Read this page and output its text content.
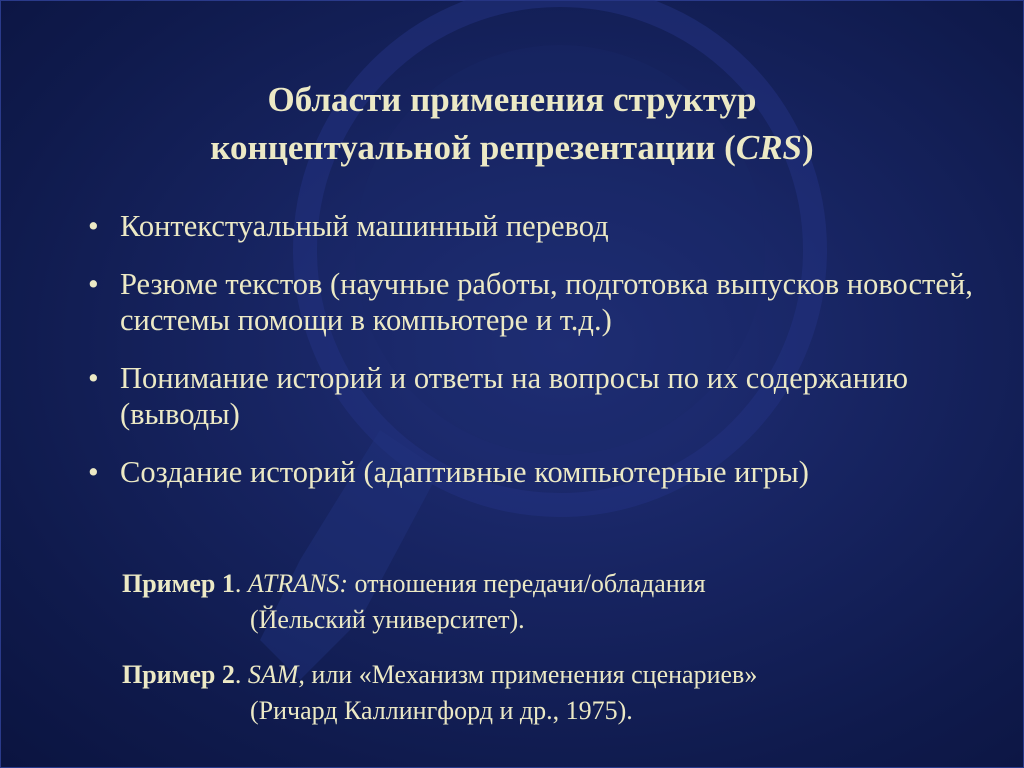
Области применения структур
концептуальной репрезентации (CRS)
• Контекстуальный машинный перевод
• Резюме текстов (научные работы, подготовка выпусков новостей, системы помощи в компьютере и т.д.)
• Понимание историй и ответы на вопросы по их содержанию (выводы)
• Создание историй (адаптивные компьютерные игры)
Пример 1. ATRANS: отношения передачи/обладания
(Йельский университет).
Пример 2. SAM, или «Механизм применения сценариев»
(Ричард Каллингфорд и др., 1975).
